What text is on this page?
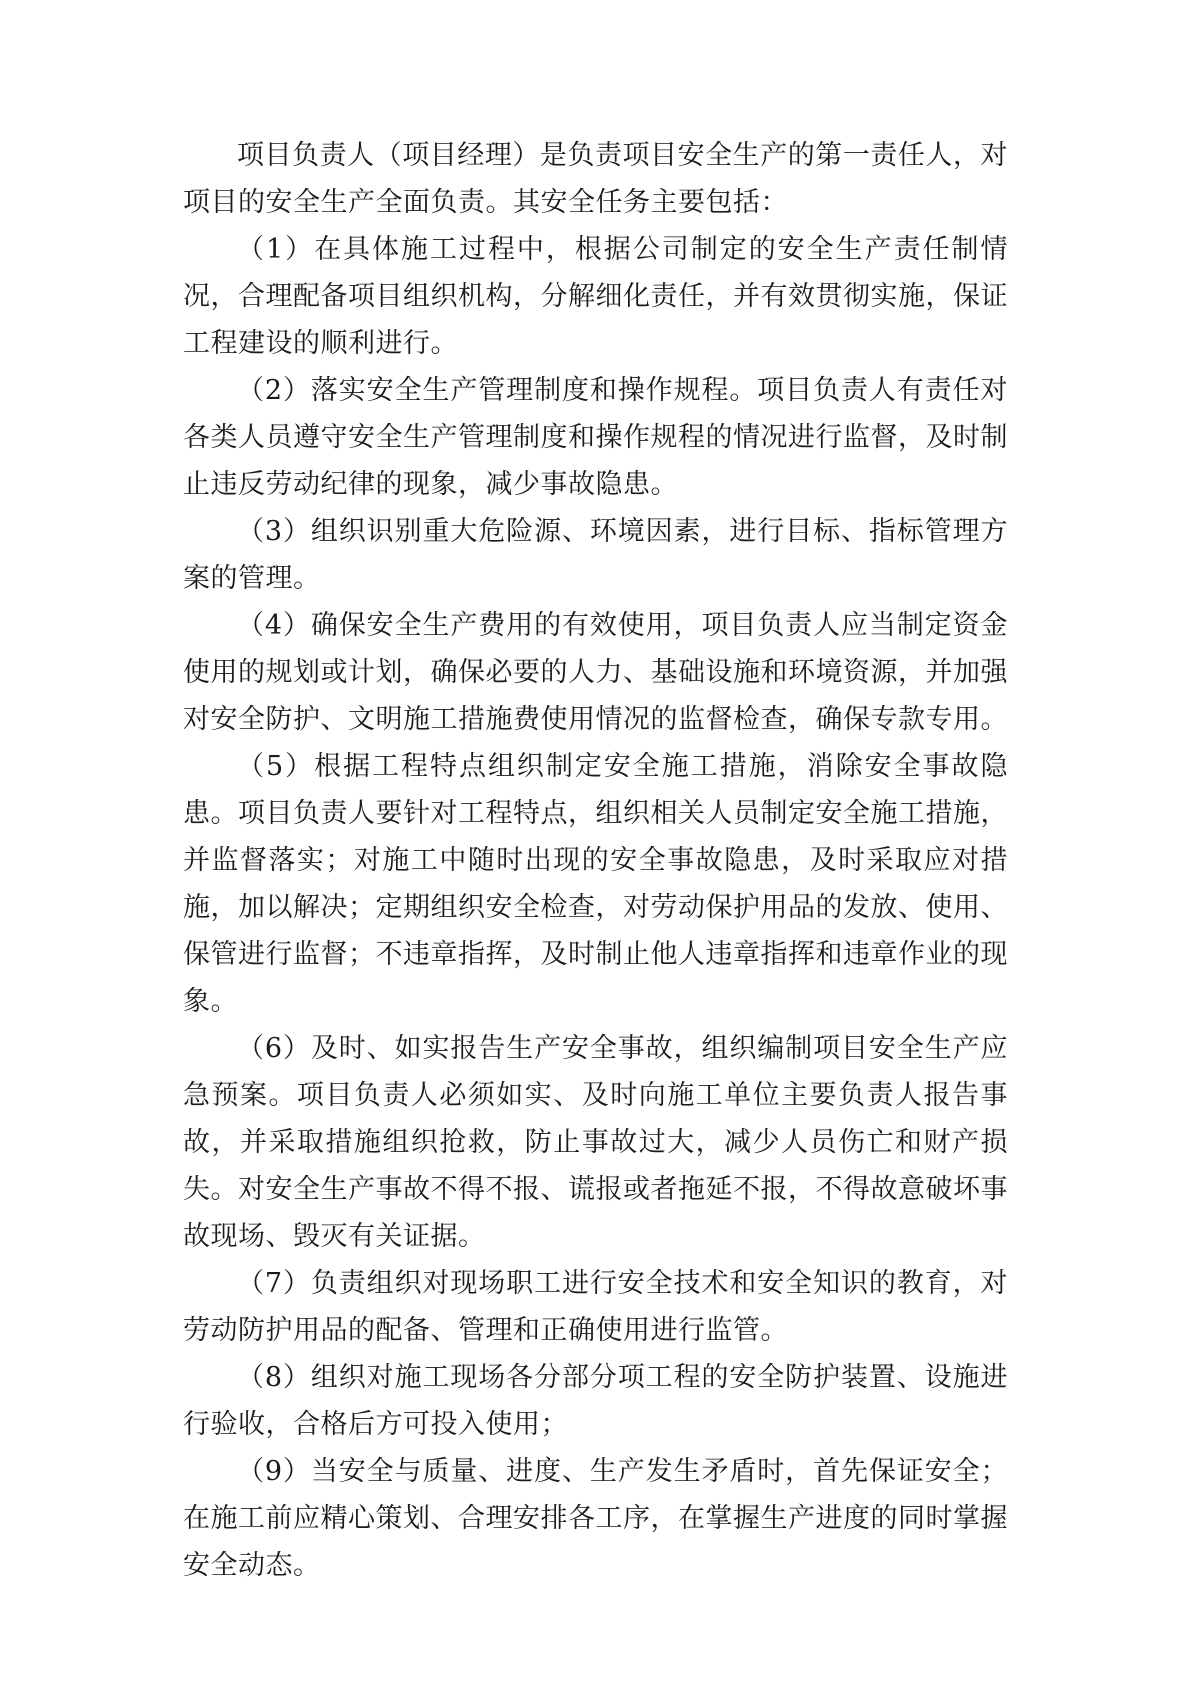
项目负责人（项目经理）是负责项目安全生产的第一责任人，对项目的安全生产全面负责。其安全任务主要包括：

（1）在具体施工过程中，根据公司制定的安全生产责任制情况，合理配备项目组织机构，分解细化责任，并有效贯彻实施，保证工程建设的顺利进行。

（2）落实安全生产管理制度和操作规程。项目负责人有责任对各类人员遵守安全生产管理制度和操作规程的情况进行监督，及时制止违反劳动纪律的现象，减少事故隐患。

（3）组织识别重大危险源、环境因素，进行目标、指标管理方案的管理。

（4）确保安全生产费用的有效使用，项目负责人应当制定资金使用的规划或计划，确保必要的人力、基础设施和环境资源，并加强对安全防护、文明施工措施费使用情况的监督检查，确保专款专用。

（5）根据工程特点组织制定安全施工措施，消除安全事故隐患。项目负责人要针对工程特点，组织相关人员制定安全施工措施，并监督落实；对施工中随时出现的安全事故隐患，及时采取应对措施，加以解决；定期组织安全检查，对劳动保护用品的发放、使用、保管进行监督；不违章指挥，及时制止他人违章指挥和违章作业的现象。

（6）及时、如实报告生产安全事故，组织编制项目安全生产应急预案。项目负责人必须如实、及时向施工单位主要负责人报告事故，并采取措施组织抢救，防止事故过大，减少人员伤亡和财产损失。对安全生产事故不得不报、谎报或者拖延不报，不得故意破坏事故现场、毁灭有关证据。

（7）负责组织对现场职工进行安全技术和安全知识的教育，对劳动防护用品的配备、管理和正确使用进行监管。

（8）组织对施工现场各分部分项工程的安全防护装置、设施进行验收，合格后方可投入使用；

（9）当安全与质量、进度、生产发生矛盾时，首先保证安全；在施工前应精心策划、合理安排各工序，在掌握生产进度的同时掌握安全动态。
